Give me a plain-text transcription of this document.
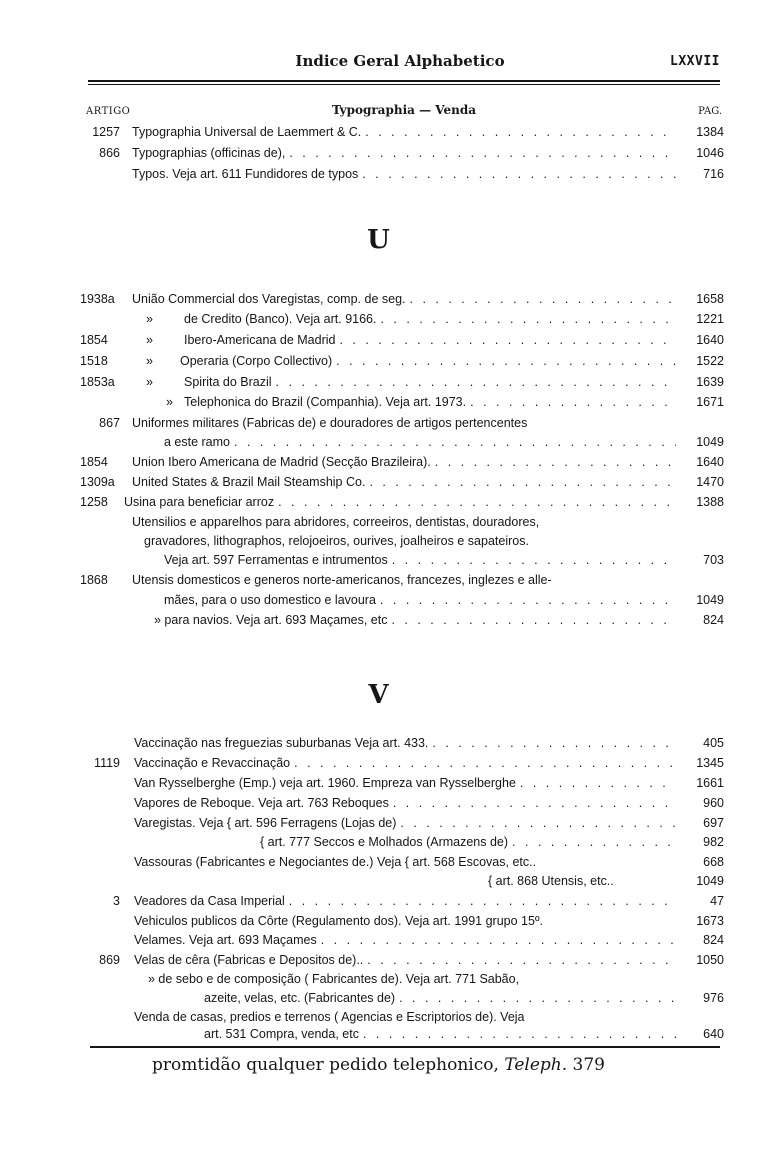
Indice Geral Alphabetico	LXXVII
ARTIGO	Typographia — Venda	PAG.
1257 Typographia Universal de Laemmert & C. . . .	1384
866 Typographias (officinas de), . . .	1046
Typos. Veja art. 611 Fundidores de typos . . .	716
U
1938a	União Commercial dos Varegistas, comp. de seg. . . .	1658
» de Credito (Banco). Veja art. 9166. . . .	1221
1854	» Ibero-Americana de Madrid . . .	1640
1518	» Operaria (Corpo Collectivo) . . .	1522
1853a	» Spirita do Brazil . . .	1639
» Telephonica do Brazil (Companhia). Veja art. 1973. . . .	1671
867 Uniformes militares (Fabricas de) e douradores de artigos pertencentes
a este ramo . . .	1049
1854	Union Ibero Americana de Madrid (Secção Brazileira). . . .	1640
1309a	United States & Brazil Mail Steamship Co. . . .	1470
1258	Usina para beneficiar arroz . . .	1388
Utensilios e apparelhos para abridores, correeiros, dentistas, douradores,
gravadores, lithographos, relojoeiros, ourives, joalheiros e sapateiros.
Veja art. 597 Ferramentas e intrumentos . . .	703
1868	Utensis domesticos e generos norte-americanos, francezes, inglezes e alle-
mães, para o uso domestico e lavoura . . .	1049
» para navios. Veja art. 693 Maçames, etc . . .	824
V
Vaccinação nas freguezias suburbanas Veja art. 433. . . .	405
1119 Vaccinação e Revaccinação . . .	1345
Van Rysselberghe (Emp.) veja art. 1960. Empreza van Rysselberghe . . .	1661
Vapores de Reboque. Veja art. 763 Reboques . . .	960
Varegistas. Veja { art. 596 Ferragens (Lojas de) . . .	697
{ art. 777 Seccos e Molhados (Armazens de) . . .	982
Vassouras (Fabricantes e Negociantes de.) Veja { art. 568 Escovas, etc..	668
{ art. 868 Utensis, etc..	1049
3 Veadores da Casa Imperial . . .	47
Vehiculos publicos da Côrte (Regulamento dos). Veja art. 1991 grupo 15º.	1673
Velames. Veja art. 693 Maçames . . .	824
869 Velas de cêra (Fabricas e Depositos de).. . . .	1050
» de sebo e de composição ( Fabricantes de). Veja art. 771 Sabão,
azeite, velas, etc. (Fabricantes de) . . .	976
Venda de casas, predios e terrenos ( Agencias e Escriptorios de). Veja
art. 531 Compra, venda, etc . . .	640
promtidão qualquer pedido telephonico, Teleph. 379
